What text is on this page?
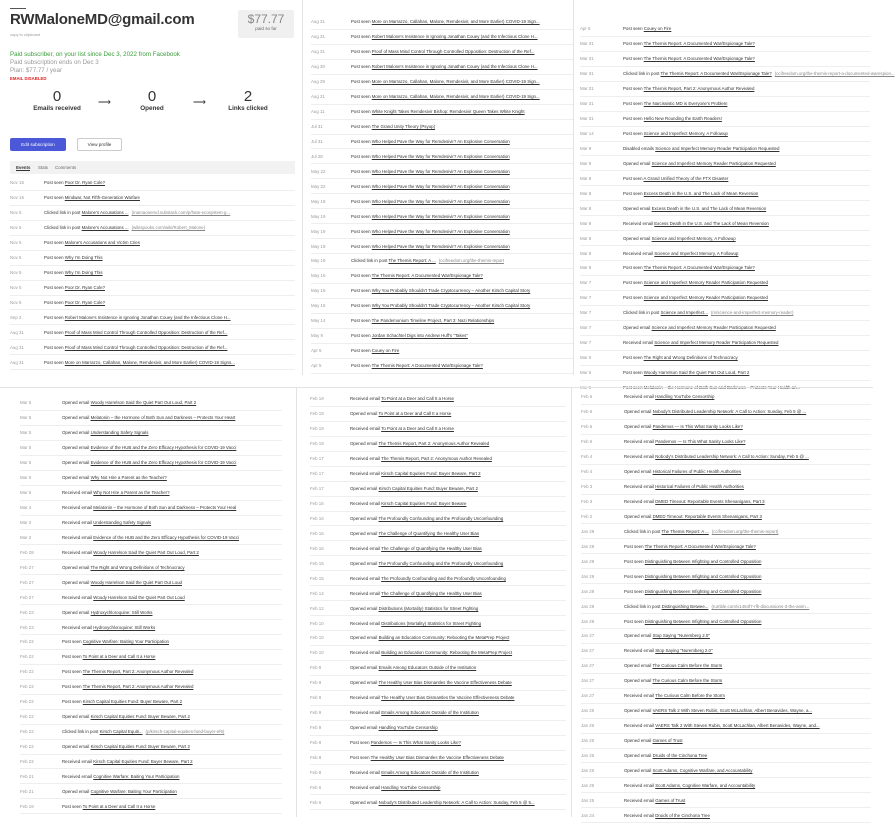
RWMaloneMD@gmail.com
copy to clipboard
$77.77
paid so far
Paid subscriber, on your list since Dec 3, 2022 from Facebook
Paid subscription ends on Dec 3
Plan: $77.77 / year
EMAIL DISABLED
0
Emails received
⟶	0
Opened
⟶	2
Links clicked
Edit subscription	View profile
Events Stats Comments
Nov 15	Post seen Poor Dr. Ryan Cole?
Nov 15	Post seen Mindwar, Not Fifth-Generation Warfare
Nov 5	Clicked link in post Malone's Accusations ... (mamaonemd.substack.com/p/hate-ecosystem-g...
Nov 5	Clicked link in post Malone's Accusations ... (wikispooks.com/wiki/Robert_Malone)
Nov 5	Post seen Malone's Accusations and Victim Cries
Nov 5	Post seen Why I'm Doing This
Nov 5	Post seen Why I'm Doing This
Nov 5	Post seen Poor Dr. Ryan Cole?
Nov 5	Post seen Poor Dr. Ryan Cole?
Sep 2	Post seen Robert Malone's Insistence in Ignoring Jonathan Couey (and the Infectious Clone H...
Aug 31	Post seen Proof of Mass Mind Control Through Controlled Opposition: Destruction of the Ref...
Aug 31	Post seen Proof of Mass Mind Control Through Controlled Opposition: Destruction of the Ref...
Aug 31	Post seen More on Marrazzo, Callahan, Malone, Remdesivir, and More Earlier) COVID-19 Signs...
Aug 31	Post seen More on Marrazzo, Callahan, Malone, Remdesivir, and More Earlier) COVID-19 Sign...
Aug 31	Post seen Robert Malone's Insistence in Ignoring Jonathan Couey (and the Infectious Clone H...
Aug 31	Post seen Proof of Mass Mind Control Through Controlled Opposition: Destruction of the Ref...
Aug 30	Post seen Robert Malone's Insistence in Ignoring Jonathan Couey (and the Infectious Clone H...
Aug 29	Post seen More on Marrazzo, Callahan, Malone, Remdesivir, and More Earlier) COVID-19 Sign...
Aug 21	Post seen More on Marrazzo, Callahan, Malone, Remdesivir, and More Earlier) COVID-19 Sign...
Aug 11	Post seen White Knight Takes Remdesivir Bishop: Remdesivir Queen Takes White Knight
Jul 31	Post seen The Grand Unity Theory (Psyop)
Jul 31	Post seen Who Helped Pave the Way for Remdesivir? An Explosive Conversation
Jul 28	Post seen Who Helped Pave the Way for Remdesivir? An Explosive Conversation
May 22	Post seen Who Helped Pave the Way for Remdesivir? An Explosive Conversation
May 22	Post seen Who Helped Pave the Way for Remdesivir? An Explosive Conversation
May 19	Post seen Who Helped Pave the Way for Remdesivir? An Explosive Conversation
May 19	Post seen Who Helped Pave the Way for Remdesivir? An Explosive Conversation
May 19	Post seen Who Helped Pave the Way for Remdesivir? An Explosive Conversation
May 19	Post seen Who Helped Pave the Way for Remdesivir? An Explosive Conversation
May 19	Clicked link in post The Themis Report: A ... (ccifreedom.org/the-themis-report
May 16	Post seen The Themis Report: A Documented War/Espionage Tale?
May 16	Post seen Why You Probably Shouldn't Trade Cryptocurrency – Another Kirsch Capital Story
May 16	Post seen Why You Probably Shouldn't Trade Cryptocurrency – Another Kirsch Capital Story
May 14	Post seen The Pandemonium Timeline Project, Part 3: Nazi Relationships
May 9	Post seen Jordan Schachtel Digs into Andrew Huff's "Takes"
Apr 5	Post seen Couey on Fire
Apr 5	Post seen The Themis Report: A Documented War/Espionage Tale?
Apr 5	Post seen Couey on Fire
Mar 31	Post seen The Themis Report: A Documented War/Espionage Tale?
Mar 31	Post seen The Themis Report: A Documented War/Espionage Tale?
Mar 31	Clicked link in post The Themis Report: A Documented War/Espionage Tale? (ccifreedom.org/the-themis-report-a-documented-warespion...
Mar 31	Post seen The Themis Report, Part 2: Anonymous Author Revealed
Mar 31	Post seen The Narcissistic MD is Everyone's Problem
Mar 31	Post seen Hello New Rounding the Earth Readers!
Mar 14	Post seen Science and Imperfect Memory, A Followup
Mar 9	Disabled emails Science and Imperfect Memory Reader Participation Requested
Mar 9	Opened email Science and Imperfect Memory Reader Participation Requested
Mar 8	Post seen A Grand Unified Theory of the FTX Disaster
Mar 8	Post seen Excess Death in the U.S. and The Lack of Mean Reversion
Mar 8	Opened email Excess Death in the U.S. and The Lack of Mean Reversion
Mar 8	Received email Excess Death in the U.S. and The Lack of Mean Reversion
Mar 8	Opened email Science and Imperfect Memory, A Followup
Mar 8	Received email Science and Imperfect Memory, A Followup
Mar 8	Post seen The Themis Report: A Documented War/Espionage Tale?
Mar 7	Post seen Science and Imperfect Memory Reader Participation Requested
Mar 7	Post seen Science and Imperfect Memory Reader Participation Requested
Mar 7	Clicked link in post Science and Imperfect... (rs/science-and-imperfect-memory-reader)
Mar 7	Opened email Science and Imperfect Memory Reader Participation Requested
Mar 7	Received email Science and Imperfect Memory Reader Participation Requested
Mar 5	Post seen The Right and Wrong Definitions of Technocracy
Mar 5	Post seen Woody Harrelson Said the Quiet Part Out Loud, Part 2
Mar 5	Opened email Woody Harrelson Said the Quiet Part Out Loud, Part 2
Mar 5	Opened email Melatonin – the Hormone of Both Sun and Darkness – Protects Your Heart
Mar 5	Opened email Understanding Safety Signals
Mar 5	Opened email Evidence of the HUB and the Zero Efficacy Hypothesis for COVID-19 Vacci
Mar 5	Opened email Evidence of the HUB and the Zero Efficacy Hypothesis for COVID-19 Vacci
Mar 5	Opened email Why Not Hire a Parent as the Teacher?
Mar 5	Received email Why Not Hire a Parent as the Teacher?
Mar 4	Received email Melatonin – the Hormone of Both Sun and Darkness – Protects Your Heal
Mar 3	Received email Understanding Safety Signals
Mar 2	Received email Evidence of the HUB and the Zero Efficacy Hypothesis for COVID-19 Vacci
Feb 28	Received email Woody Harrelson Said the Quiet Part Out Loud, Part 2
Feb 27	Opened email The Right and Wrong Definitions of Technocracy
Feb 27	Opened email Woody Harrelson Said the Quiet Part Out Loud
Feb 27	Received email Woody Harrelson Said the Quiet Part Out Loud
Feb 23	Opened email Hydroxychloroquine: Still Works
Feb 23	Received email Hydroxychloroquine: Still Works
Feb 22	Post seen Cognitive Warfare: Baiting Your Participation
Feb 22	Post seen To Point at a Deer and Call It a Horse
Feb 22	Post seen The Themis Report, Part 2: Anonymous Author Revealed
Feb 22	Post seen The Themis Report, Part 2: Anonymous Author Revealed
Feb 22	Post seen Kirsch Capital Equities Fund: Buyer Beware, Part 2
Feb 22	Opened email Kirsch Capital Equities Fund: Buyer Beware, Part 2
Feb 22	Clicked link in post Kirsch Capital Equiti... (p/kirsch-capital-equities-fund-buyer-ef6)
Feb 22	Opened email Kirsch Capital Equities Fund: Buyer Beware, Part 2
Feb 22	Received email Kirsch Capital Equities Fund: Buyer Beware, Part 2
Feb 21	Received email Cognitive Warfare: Baiting Your Participation
Feb 21	Opened email Cognitive Warfare: Baiting Your Participation
Feb 19	Post seen To Point at a Deer and Call It a Horse
Feb 19	Received email To Point at a Deer and Call It a Horse
Feb 19	Opened email To Point at a Deer and Call It a Horse
Feb 19	Received email To Point at a Deer and Call It a Horse
Feb 18	Opened email The Themis Report, Part 2: Anonymous Author Revealed
Feb 17	Received email The Themis Report, Part 2: Anonymous Author Revealed
Feb 17	Received email Kirsch Capital Equities Fund: Buyer Beware, Part 2
Feb 17	Opened email Kirsch Capital Equities Fund: Buyer Beware, Part 2
Feb 16	Received email Kirsch Capital Equities Fund: Buyer Beware
Feb 16	Opened email The Profoundly Confounding and the Profoundly Unconfounding
Feb 16	Opened email The Challenge of Quantifying the Healthy User Bias
Feb 16	Received email The Challenge of Quantifying the Healthy User Bias
Feb 15	Opened email The Profoundly Confounding and the Profoundly Unconfounding
Feb 15	Received email The Profoundly Confounding and the Profoundly Unconfounding
Feb 14	Received email The Challenge of Quantifying the Healthy User Bias
Feb 12	Opened email Distributions (Mortality) Statistics for Street Fighting
Feb 10	Received email Distributions (Mortality) Statistics for Street Fighting
Feb 10	Opened email Building an Education Community: Rebooting the MetaPrep Project
Feb 10	Received email Building an Education Community: Rebooting the MetaPrep Project
Feb 9	Opened email Emails Among Educators Outside of the Institution
Feb 9	Opened email The Healthy User Bias Dismantles the Vaccine Effectiveness Debate
Feb 9	Received email The Healthy User Bias Dismantles the Vaccine Effectiveness Debate
Feb 9	Received email Emails Among Educators Outside of the Institution
Feb 9	Opened email Handling YouTube Censorship
Feb 9	Post seen Pandemos — Is This What Sanity Looks Like?
Feb 8	Post seen The Healthy User Bias Dismantles the Vaccine Effectiveness Debate
Feb 8	Received email Emails Among Educators Outside of the Institution
Feb 6	Received email Handling YouTube Censorship
Feb 6	Opened email Nobody's Distributed Leadership Network: A Call to Action: Sunday, Feb 5 @ 5...
Feb 6	Received email Handling YouTube Censorship
Feb 6	Opened email Nobody's Distributed Leadership Network: A Call to Action: Sunday, Feb 5 @ ...
Feb 6	Opened email Pandemos — Is This What Sanity Looks Like?
Feb 6	Received email Pandemos — Is This What Sanity Looks Like?
Feb 4	Received email Nobody's Distributed Leadership Network: A Call to Action: Sunday, Feb 5 @ ...
Feb 4	Opened email Historical Failures of Public Health Authorities
Feb 3	Received email Historical Failures of Public Health Authorities
Feb 3	Received email DMED Timeout: Reportable Events Shenanigans, Part 3
Feb 2	Opened email DMED Timeout: Reportable Events Shenanigans, Part 3
Jan 29	Clicked link in post The Themis Report: A ... (ccifreedom.org/the-themis-report)
Jan 29	Post seen The Themis Report: A Documented War/Espionage Tale?
Jan 29	Post seen Distinguishing Between Infighting and Controlled Opposition
Jan 29	Post seen Distinguishing Between Infighting and Controlled Opposition
Jan 29	Post seen Distinguishing Between Infighting and Controlled Opposition
Jan 29	Clicked link in post Distinguishing Betwee... (rumble.com/v1464f7-rfk-discussions-3-the-anim...
Jan 29	Post seen Distinguishing Between Infighting and Controlled Opposition
Jan 27	Opened email Stop Saying "Nuremberg 2.0"
Jan 27	Received email Stop Saying "Nuremberg 2.0"
Jan 27	Opened email The Curious Calm Before the Storm
Jan 27	Opened email The Curious Calm Before the Storm
Jan 27	Received email The Curious Calm Before the Storm
Jan 25	Opened email VAERS Talk 2 With Steven Rubin, Scott McLachlan, Albert Benavides, Wayne, a...
Jan 25	Received email VAERS Talk 2 With Steven Rubin, Scott McLachlan, Albert Benavides, Wayne, and...
Jan 25	Opened email Games of Trust
Jan 25	Opened email Druids of the Cinchona Tree
Jan 25	Opened email Scott Adams, Cognitive Warfare, and Accountability
Jan 25	Received email Scott Adams, Cognitive Warfare, and Accountability
Jan 25	Received email Games of Trust
Jan 24	Received email Druids of the Cinchona Tree
